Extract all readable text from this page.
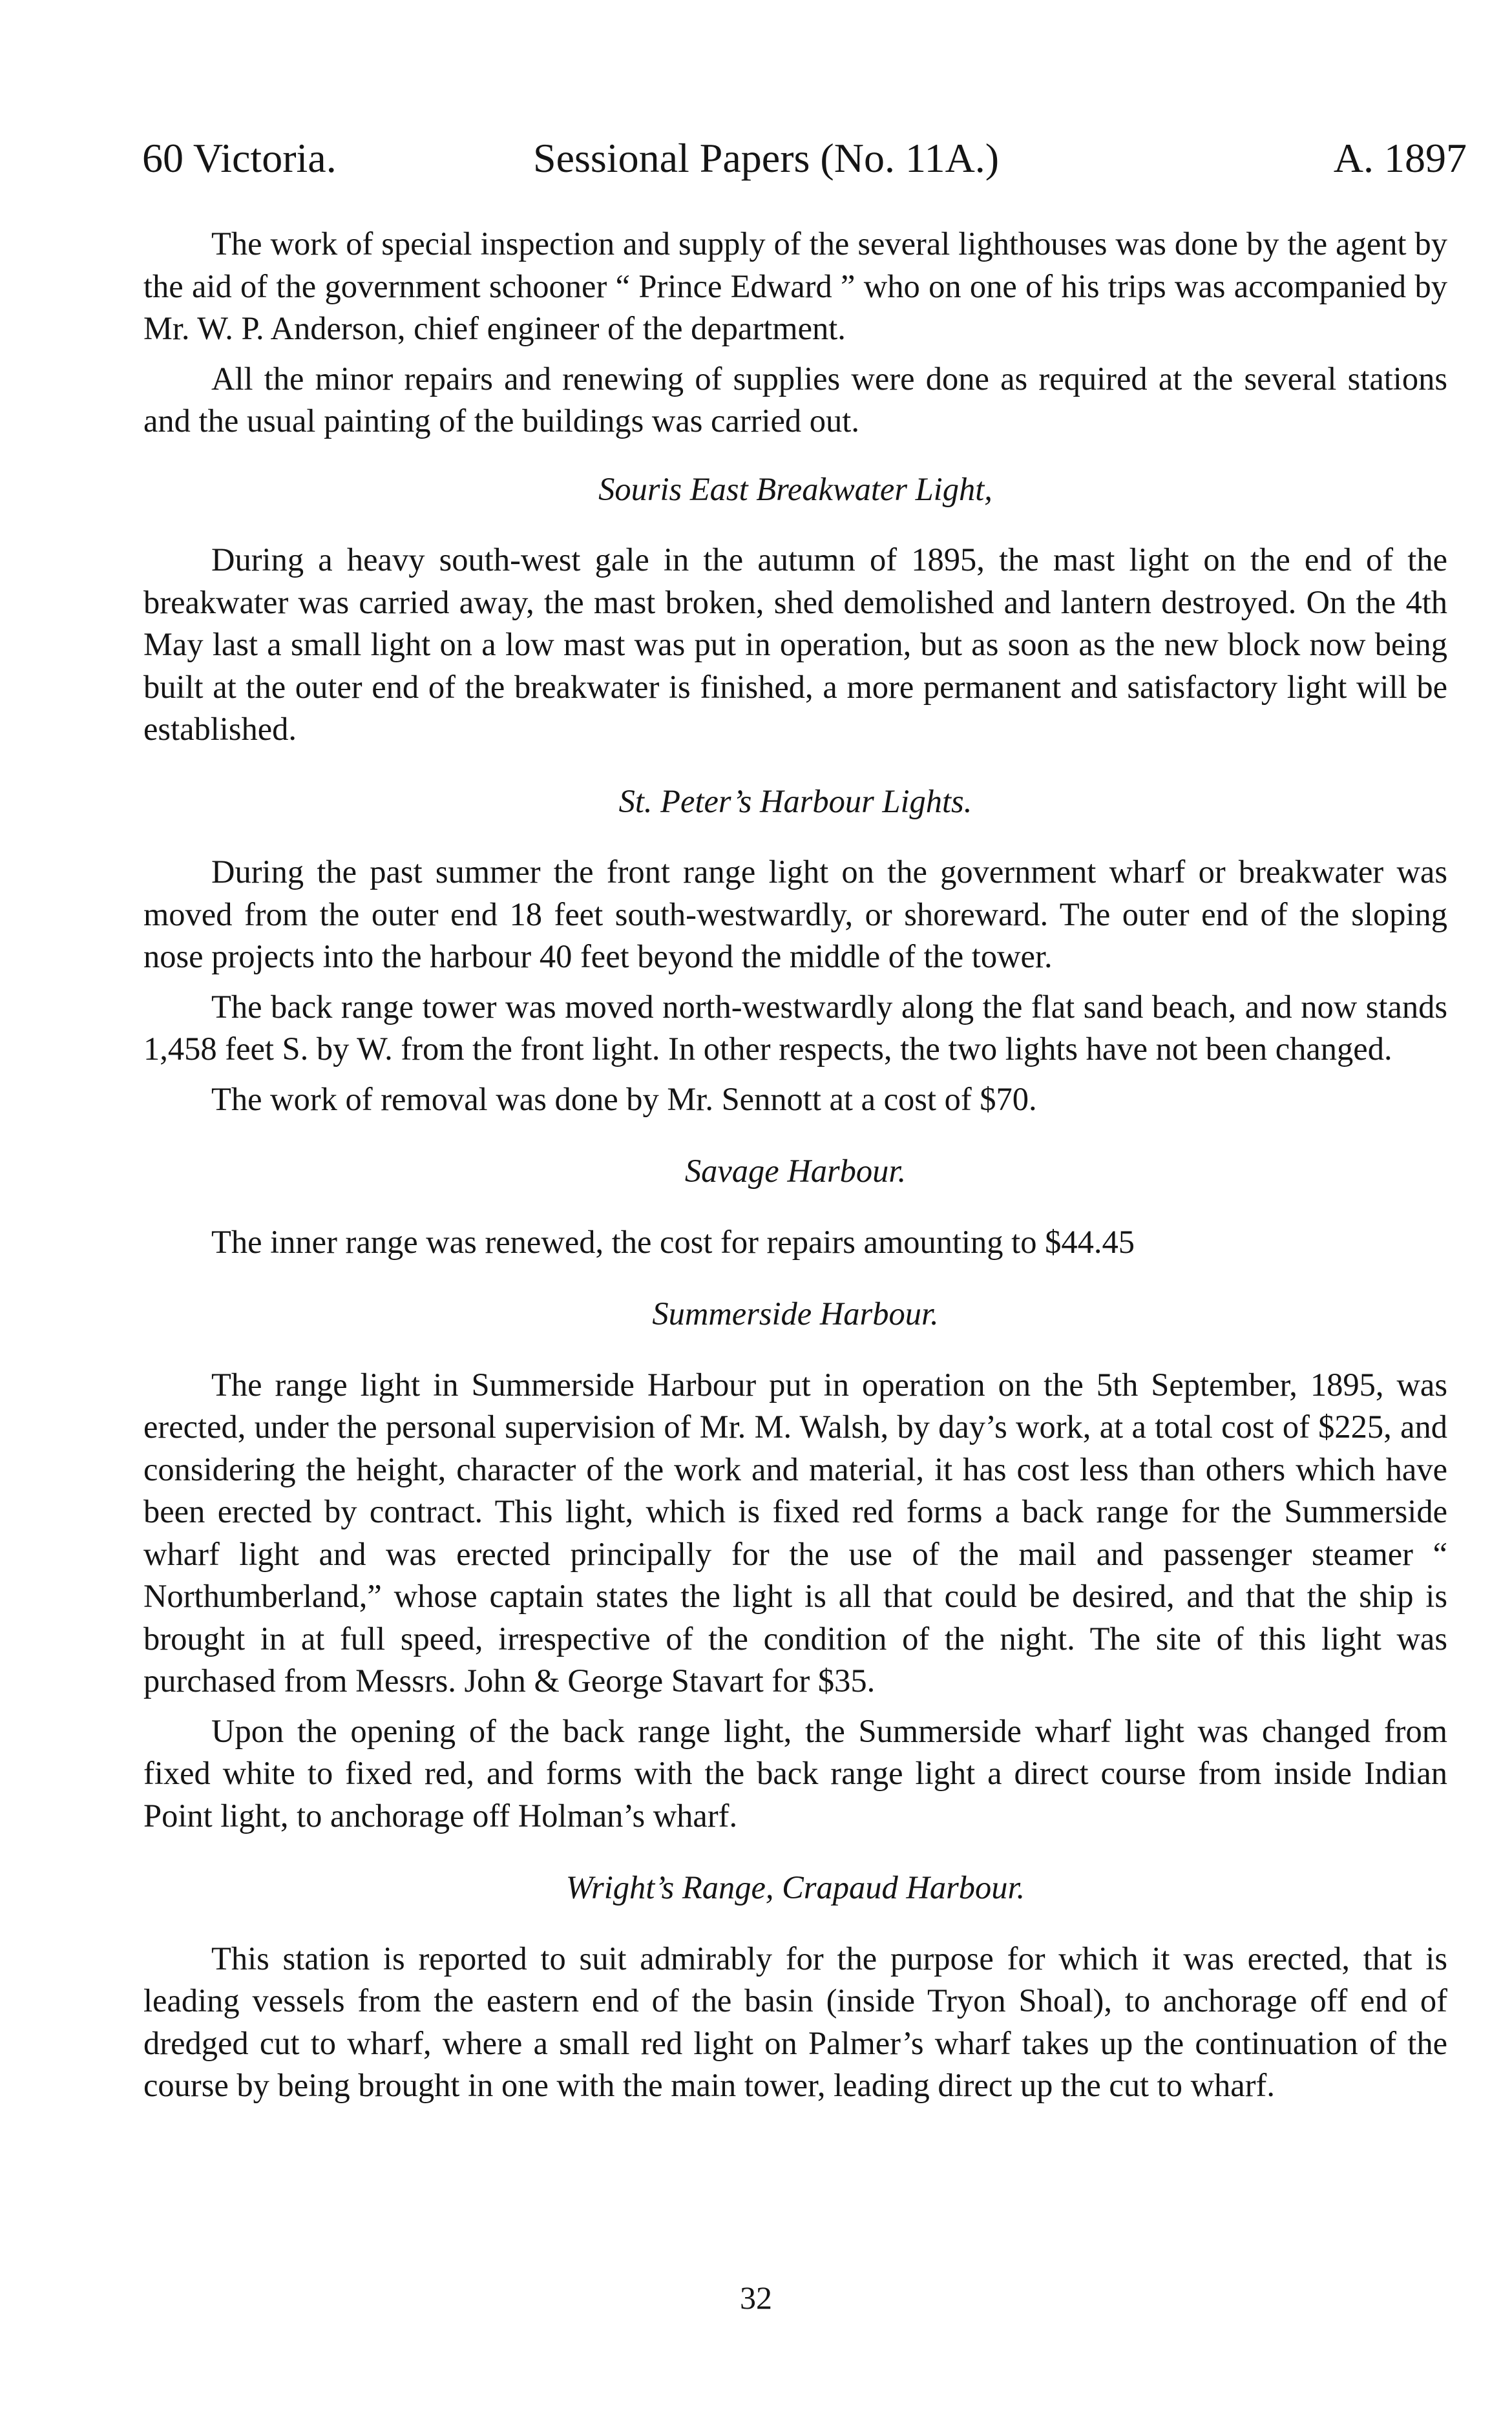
60 Victoria.	Sessional Papers (No. 11A.)	A. 1897

The work of special inspection and supply of the several lighthouses was done by the agent by the aid of the government schooner “ Prince Edward ” who on one of his trips was accompanied by Mr. W. P. Anderson, chief engineer of the department.

All the minor repairs and renewing of supplies were done as required at the several stations and the usual painting of the buildings was carried out.

Souris East Breakwater Light,

During a heavy south-west gale in the autumn of 1895, the mast light on the end of the breakwater was carried away, the mast broken, shed demolished and lantern destroyed. On the 4th May last a small light on a low mast was put in operation, but as soon as the new block now being built at the outer end of the breakwater is finished, a more permanent and satisfactory light will be established.

St. Peter’s Harbour Lights.

During the past summer the front range light on the government wharf or breakwater was moved from the outer end 18 feet south-westwardly, or shoreward. The outer end of the sloping nose projects into the harbour 40 feet beyond the middle of the tower.

The back range tower was moved north-westwardly along the flat sand beach, and now stands 1,458 feet S. by W. from the front light. In other respects, the two lights have not been changed.

The work of removal was done by Mr. Sennott at a cost of $70.

Savage Harbour.

The inner range was renewed, the cost for repairs amounting to $44.45

Summerside Harbour.

The range light in Summerside Harbour put in operation on the 5th September, 1895, was erected, under the personal supervision of Mr. M. Walsh, by day’s work, at a total cost of $225, and considering the height, character of the work and material, it has cost less than others which have been erected by contract. This light, which is fixed red forms a back range for the Summerside wharf light and was erected principally for the use of the mail and passenger steamer “ Northumberland,” whose captain states the light is all that could be desired, and that the ship is brought in at full speed, irrespective of the condition of the night. The site of this light was purchased from Messrs. John & George Stavart for $35.

Upon the opening of the back range light, the Summerside wharf light was changed from fixed white to fixed red, and forms with the back range light a direct course from inside Indian Point light, to anchorage off Holman’s wharf.

Wright’s Range, Crapaud Harbour.

This station is reported to suit admirably for the purpose for which it was erected, that is leading vessels from the eastern end of the basin (inside Tryon Shoal), to anchorage off end of dredged cut to wharf, where a small red light on Palmer’s wharf takes up the continuation of the course by being brought in one with the main tower, leading direct up the cut to wharf.

32
